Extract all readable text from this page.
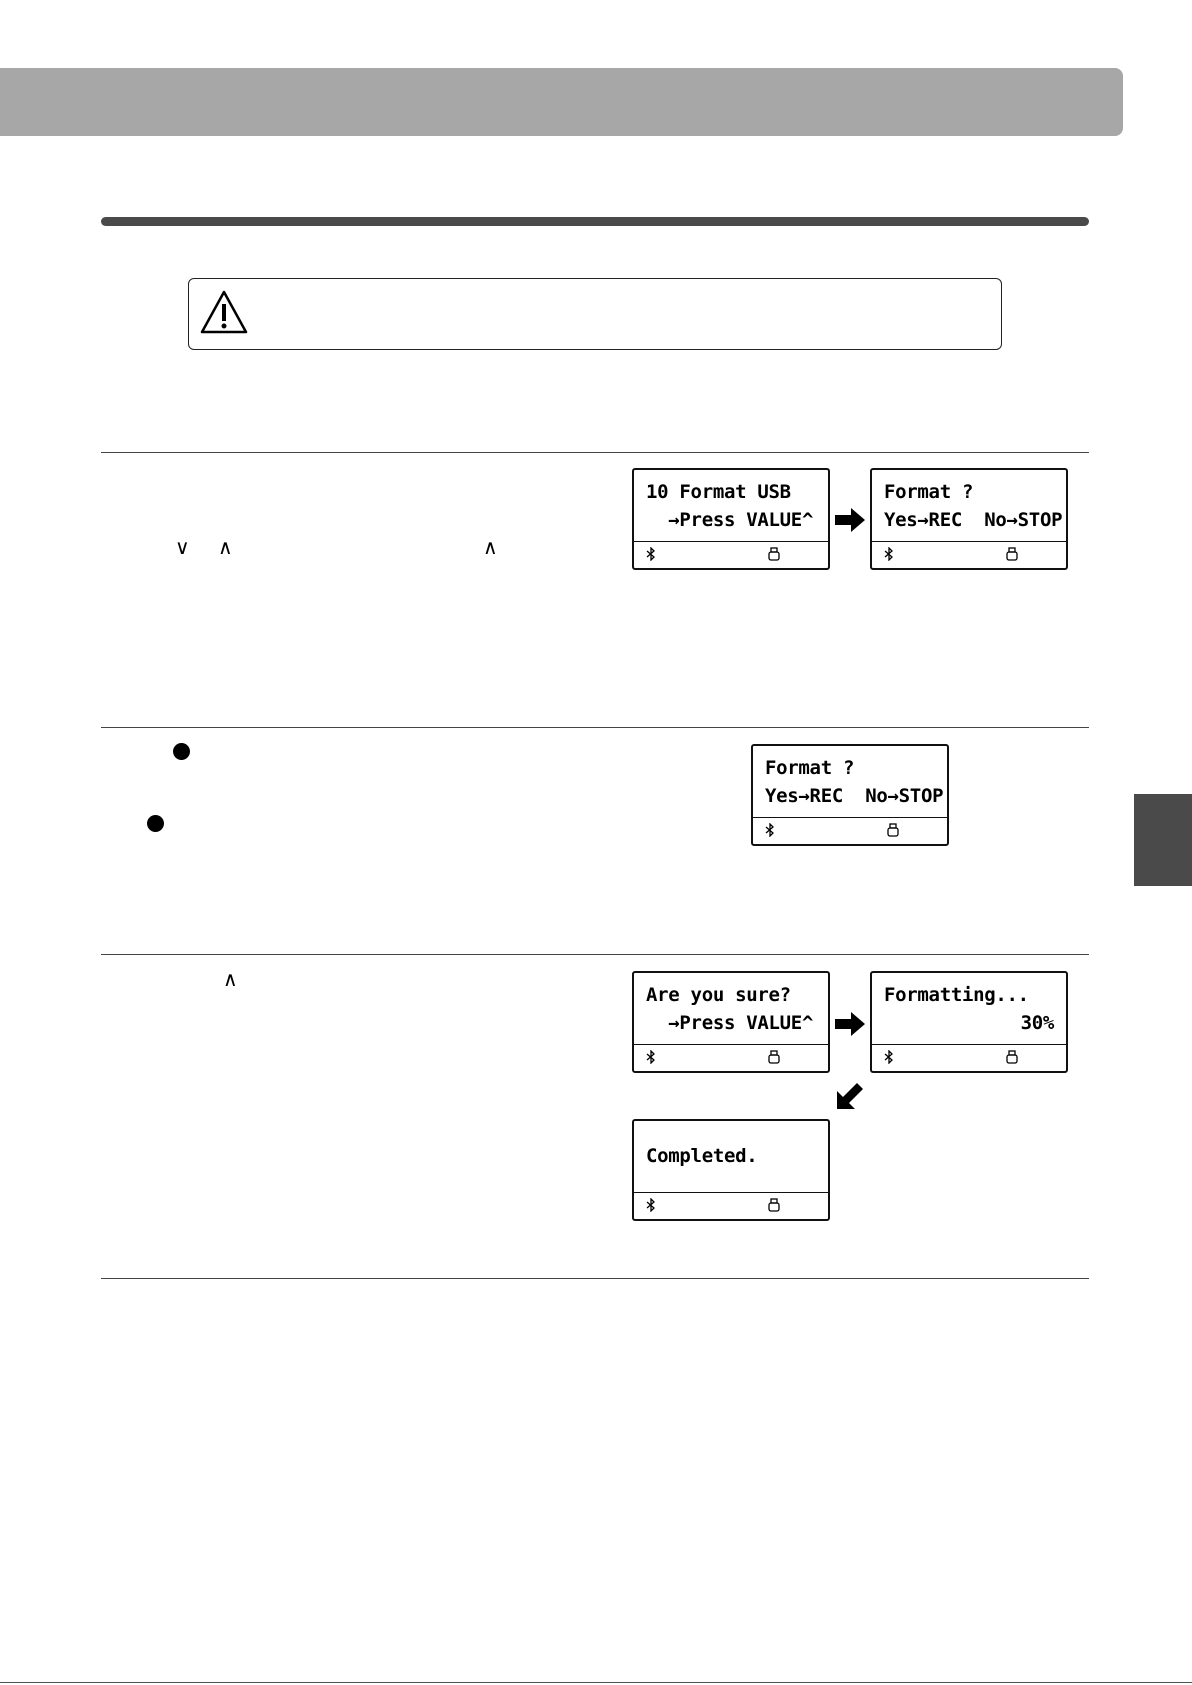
∨ ∧	∧
10 Format USB
→Press VALUE^
Format ?
Yes→REC  No→STOP
Format ?
Yes→REC  No→STOP
∧
Are you sure?
→Press VALUE^
Formatting...
30%
Completed.
